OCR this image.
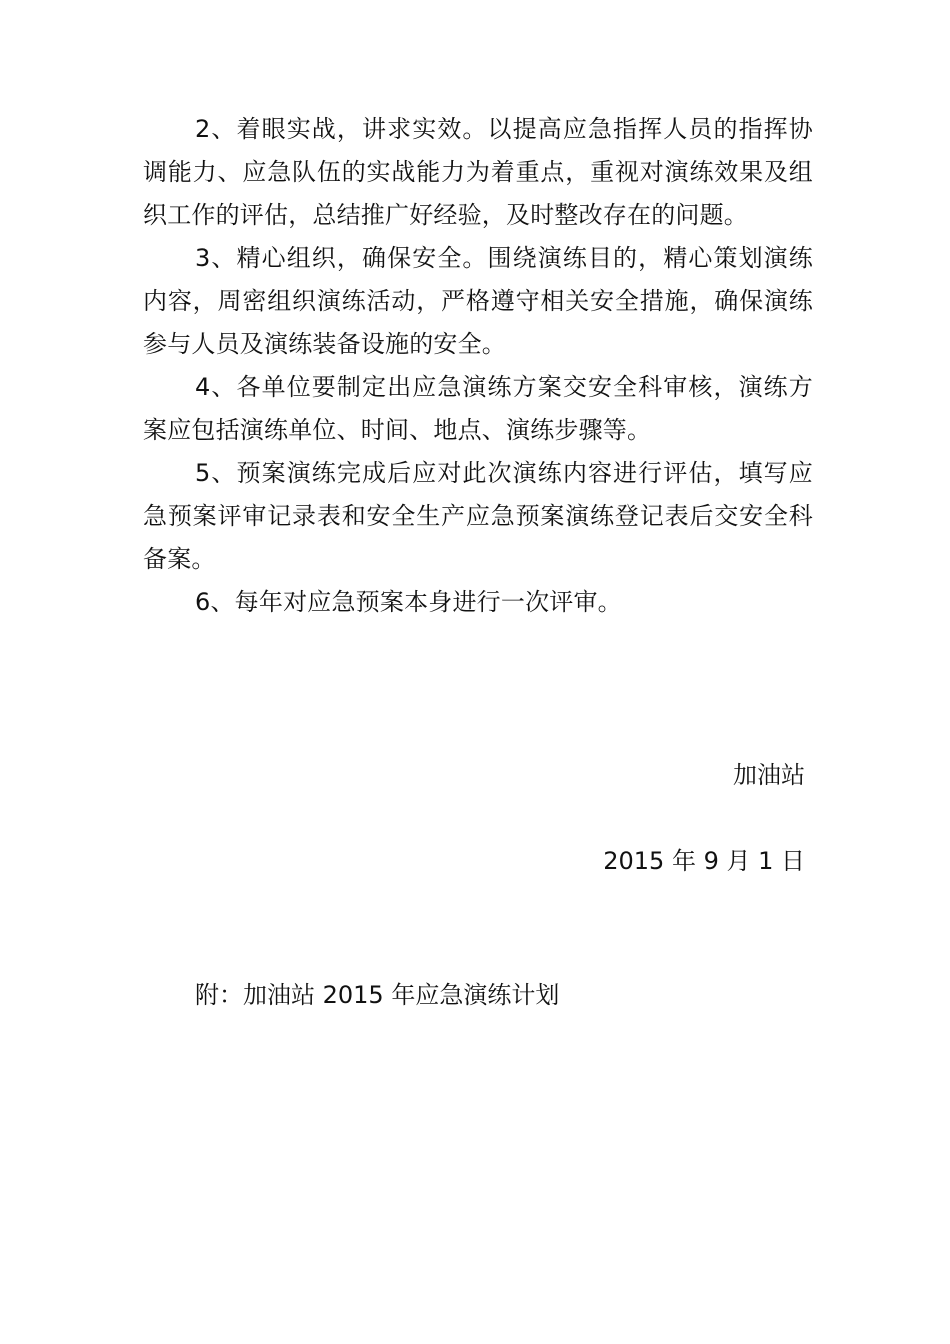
2、着眼实战，讲求实效。以提高应急指挥人员的指挥协调能力、应急队伍的实战能力为着重点，重视对演练效果及组织工作的评估，总结推广好经验，及时整改存在的问题。

3、精心组织，确保安全。围绕演练目的，精心策划演练内容，周密组织演练活动，严格遵守相关安全措施，确保演练参与人员及演练装备设施的安全。

4、各单位要制定出应急演练方案交安全科审核，演练方案应包括演练单位、时间、地点、演练步骤等。

5、预案演练完成后应对此次演练内容进行评估，填写应急预案评审记录表和安全生产应急预案演练登记表后交安全科备案。

6、每年对应急预案本身进行一次评审。

加油站
2015 年 9 月 1 日
附：加油站 2015 年应急演练计划
